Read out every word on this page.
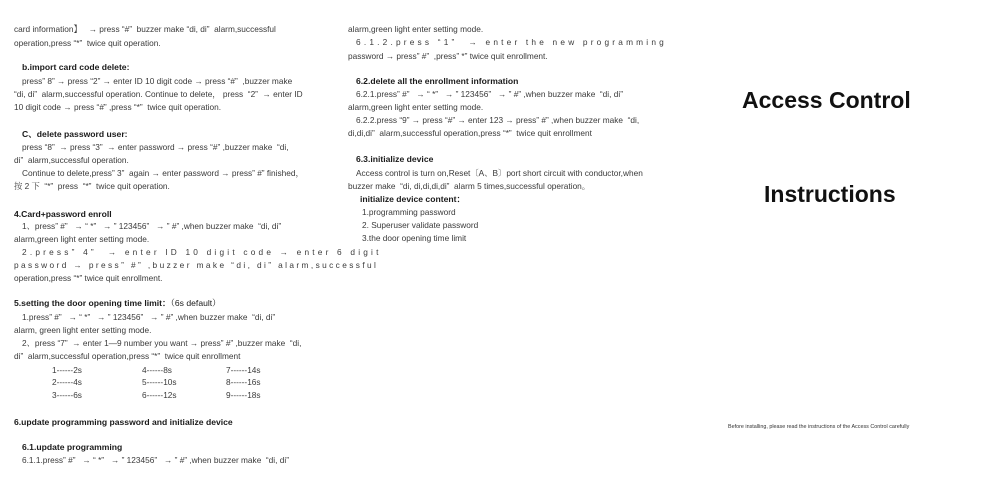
card information】   → press “#”  buzzer make “di, di”  alarm,successful
operation,press “*”  twice quit operation.
b.import card code delete:
press” 8” → press “2” → enter ID 10 digit code → press “#”  ,buzzer make
“di, di”  alarm,successful operation. Continue to delete， press  “2”  → enter ID
10 digit code → press “#” ,press “*”  twice quit operation.
C、delete password user:
press “8”  → press “3”  → enter password → press “#” ,buzzer make  “di,
di”  alarm,successful operation.
Continue to delete,press” 3”  again → enter password → press” #” finished，
按 2 下  “*”  press  “*”  twice quit operation.
4.Card+password enroll
1、press” #”   → “ *”   → ” 123456”   → ” #” ,when buzzer make  “di, di”
alarm,green light enter setting mode.
2.press” 4”  → enter ID 10 digit code → enter 6 digit
password → press” #” ,buzzer make “di, di” alarm,successful
operation,press “*” twice quit enrollment.
5.setting the door opening time limit：（6s default）
1.press” #”   → “ *”   → ” 123456”   → ” #” ,when buzzer make  “di, di”
alarm, green light enter setting mode.
2、press “7”  → enter 1—9 number you want → press” #” ,buzzer make  “di,
di”  alarm,successful operation,press “*”  twice quit enrollment
1------2s	4------8s	7------14s
2------4s	5------10s	8------16s
3------6s	6------12s	9------18s
6.update programming password and initialize device
6.1.update programming
6.1.1.press” #”   → “ *”   → ” 123456”   → ” #” ,when buzzer make  “di, di”
alarm,green light enter setting mode.
6.1.2.press “1”  → enter the new programming
password → press” #”  ,press” *” twice quit enrollment.
6.2.delete all the enrollment information
6.2.1.press” #”   → “ *”   → ” 123456”   → ” #” ,when buzzer make  “di, di”
alarm,green light enter setting mode.
6.2.2.press “9” → press “#” → enter 123 → press” #” ,when buzzer make  “di,
di,di,di”  alarm,successful operation,press “*”  twice quit enrollment
6.3.initialize device
Access control is turn on,Reset〔A、B〕port short circuit with conductor,when
buzzer make  “di, di,di,di,di”  alarm 5 times,successful operation。
initialize device content：
1.programming password
2. Superuser validate password
3.the door opening time limit
Access Control
Instructions
Before installing, please read the instructions of the Access Control carefully
